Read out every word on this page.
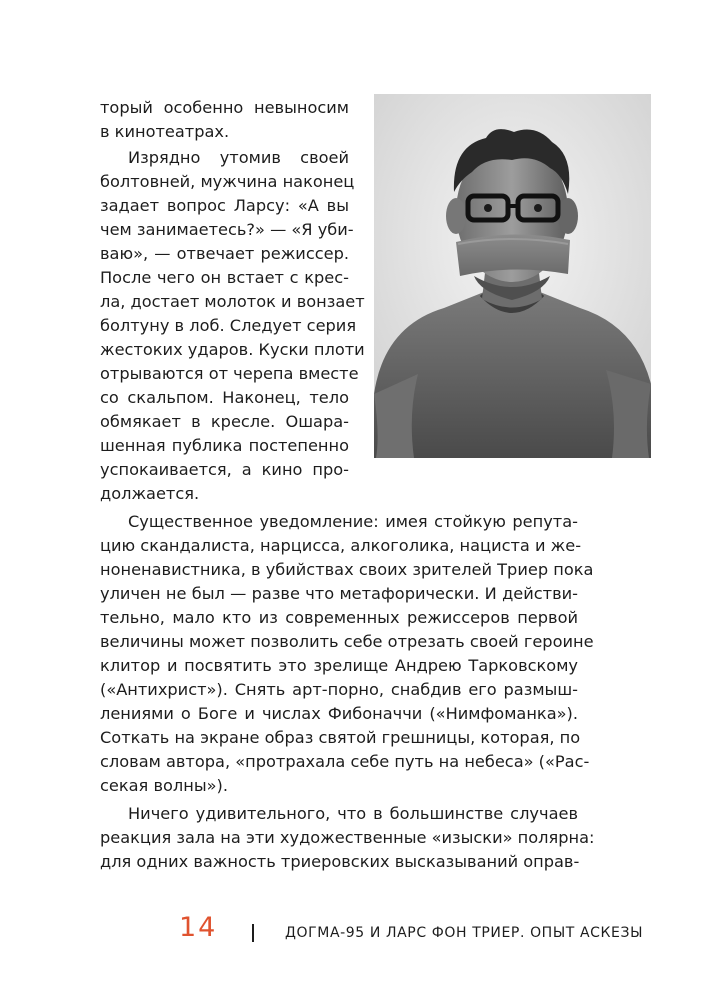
торый особенно невыносим
в кинотеатрах.
Изрядно утомив своей
болтовней, мужчина наконец
задает вопрос Ларсу: «А вы
чем занимаетесь?» — «Я уби-
ваю», — отвечает режиссер.
После чего он встает с крес-
ла, достает молоток и вонзает
болтуну в лоб. Следует серия
жестоких ударов. Куски плоти
отрываются от черепа вместе
со скальпом. Наконец, тело
обмякает в кресле. Ошара-
шенная публика постепенно
успокаивается, а кино про-
должается.
Существенное уведомление: имея стойкую репута-
цию скандалиста, нарцисса, алкоголика, нациста и же-
ноненавистника, в убийствах своих зрителей Триер пока
уличен не был — разве что метафорически. И действи-
тельно, мало кто из современных режиссеров первой
величины может позволить себе отрезать своей героине
клитор и посвятить это зрелище Андрею Тарковскому
(«Антихрист»). Снять арт-порно, снабдив его размыш-
лениями о Боге и числах Фибоначчи («Нимфоманка»).
Соткать на экране образ святой грешницы, которая, по
словам автора, «протрахала себе путь на небеса» («Рас-
секая волны»).
Ничего удивительного, что в большинстве случаев
реакция зала на эти художественные «изыски» полярна:
для одних важность триеровских высказываний оправ-
14	ДОГМА-95 И ЛАРС ФОН ТРИЕР. ОПЫТ АСКЕЗЫ
